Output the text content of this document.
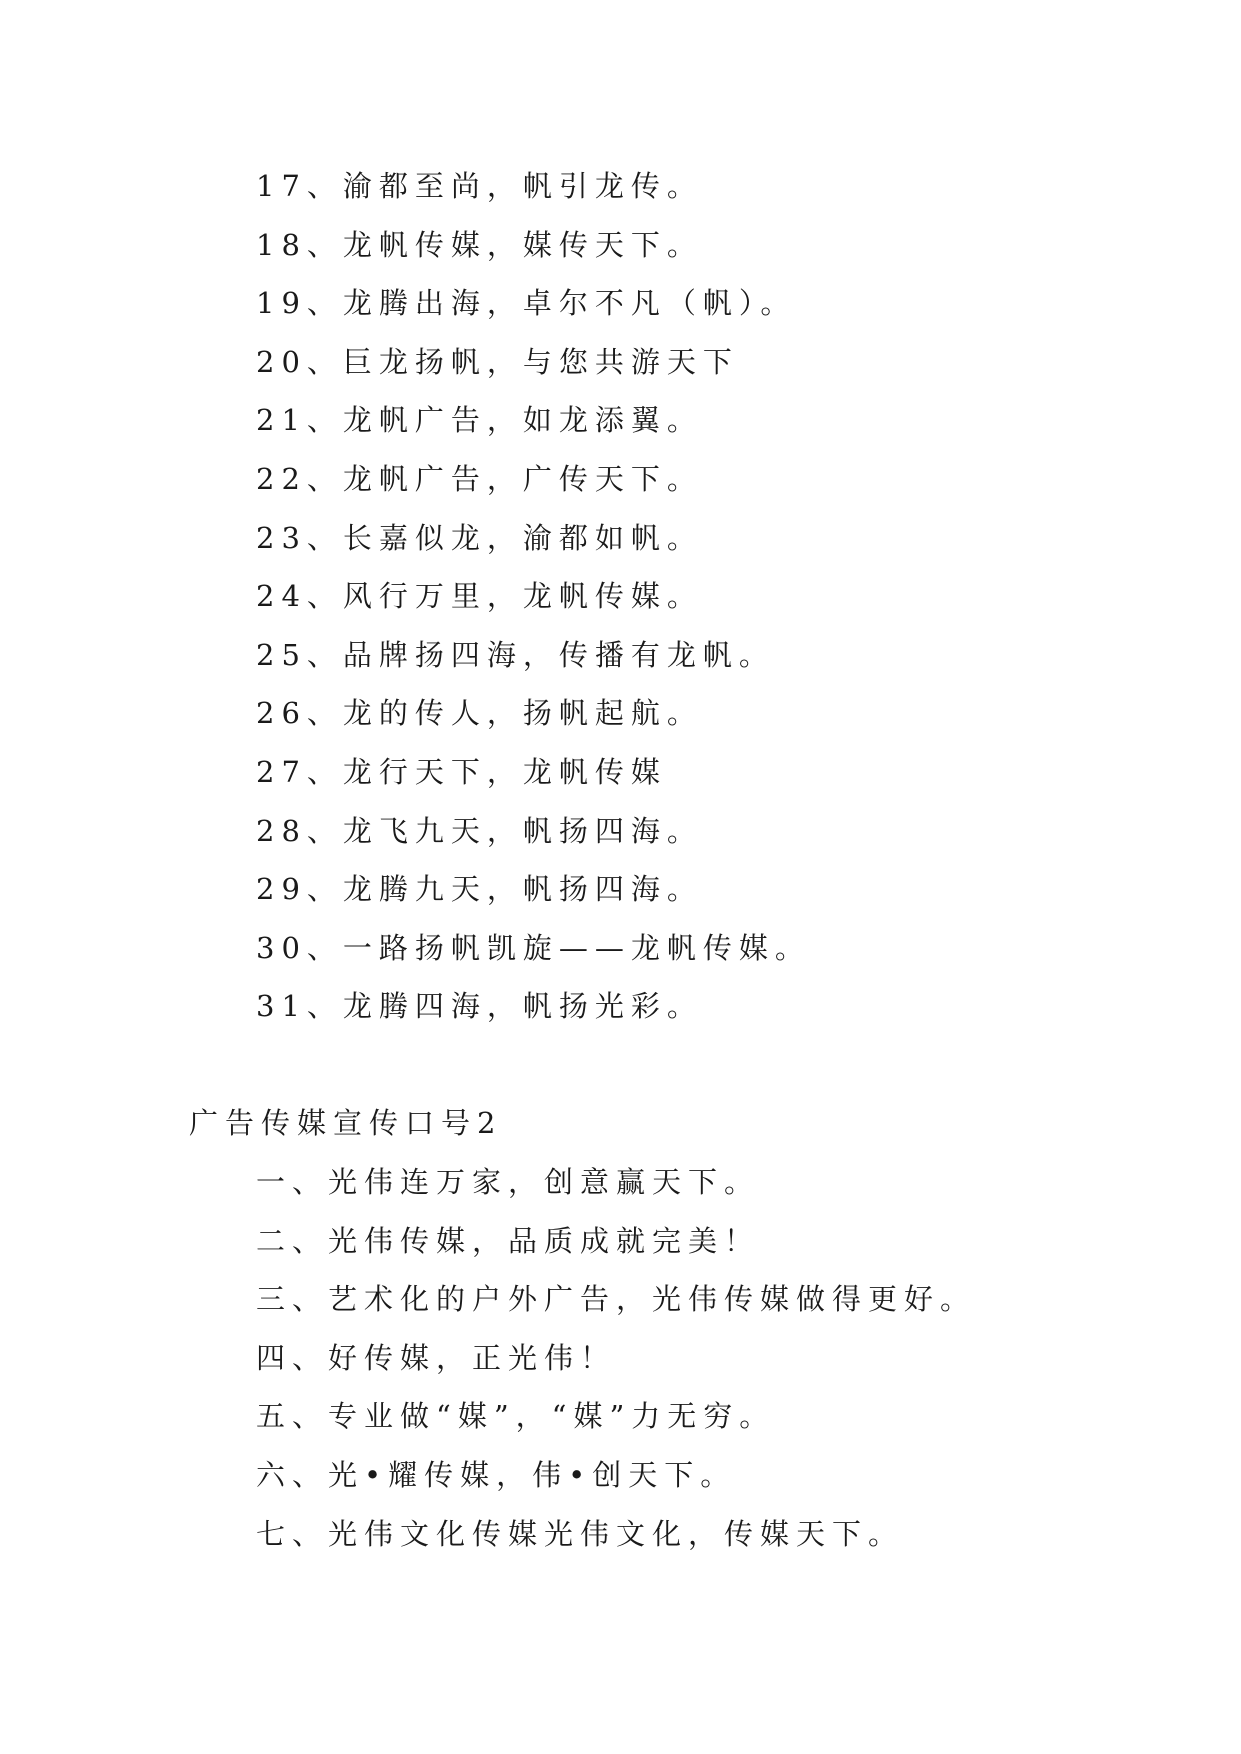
17、渝都至尚，帆引龙传。
18、龙帆传媒，媒传天下。
19、龙腾出海，卓尔不凡（帆）。
20、巨龙扬帆，与您共游天下
21、龙帆广告，如龙添翼。
22、龙帆广告，广传天下。
23、长嘉似龙，渝都如帆。
24、风行万里，龙帆传媒。
25、品牌扬四海，传播有龙帆。
26、龙的传人，扬帆起航。
27、龙行天下，龙帆传媒
28、龙飞九天，帆扬四海。
29、龙腾九天，帆扬四海。
30、一路扬帆凯旋——龙帆传媒。
31、龙腾四海，帆扬光彩。
广告传媒宣传口号2
一、光伟连万家，创意赢天下。
二、光伟传媒，品质成就完美！
三、艺术化的户外广告，光伟传媒做得更好。
四、好传媒，正光伟！
五、专业做“媒”，“媒”力无穷。
六、光•耀传媒，伟•创天下。
七、光伟文化传媒光伟文化，传媒天下。
